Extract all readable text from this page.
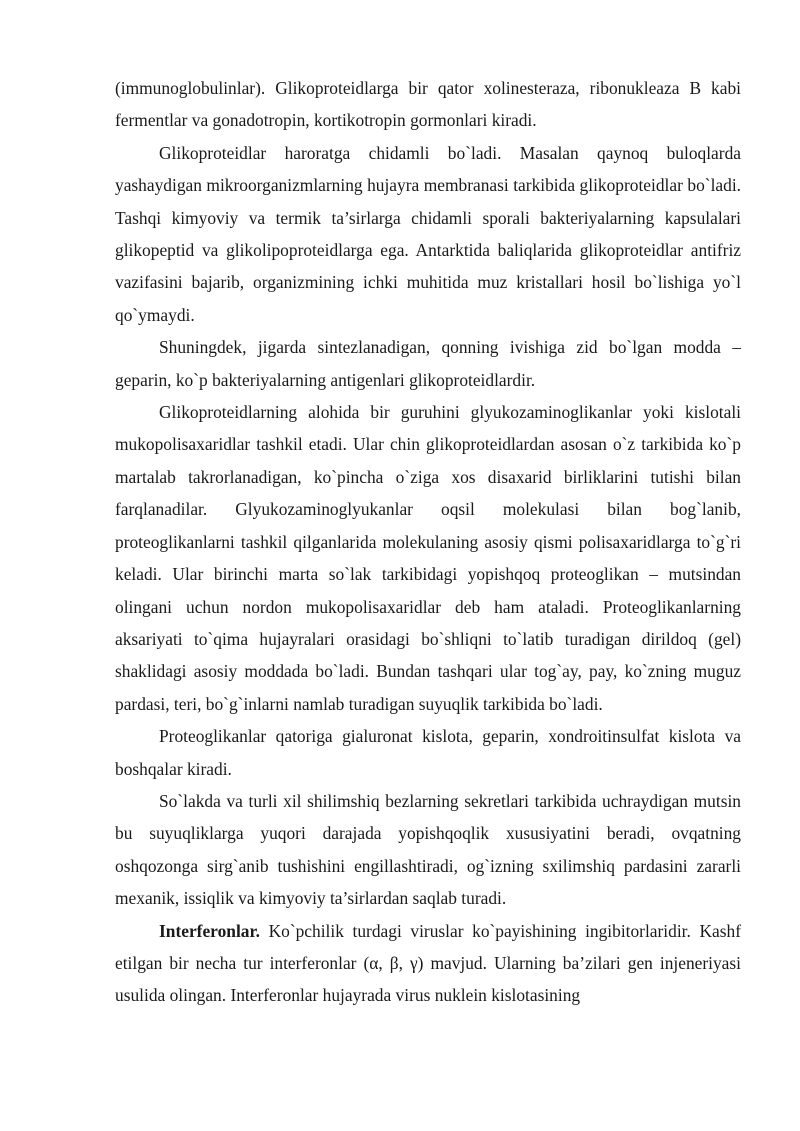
(immunoglobulinlar). Glikoproteidlarga bir qator xolinesteraza, ribonukleaza B kabi fermentlar va gonadotropin, kortikotropin gormonlari kiradi.

Glikoproteidlar haroratga chidamli bo`ladi. Masalan qaynoq buloqlarda yashaydigan mikroorganizmlarning hujayra membranasi tarkibida glikoproteidlar bo`ladi. Tashqi kimyoviy va termik ta’sirlarga chidamli sporali bakteriyalarning kapsulalari glikopeptid va glikolipoproteidlarga ega. Antarktida baliqlarida glikoproteidlar antifriz vazifasini bajarib, organizmining ichki muhitida muz kristallari hosil bo`lishiga yo`l qo`ymaydi.

Shuningdek, jigarda sintezlanadigan, qonning ivishiga zid bo`lgan modda – geparin, ko`p bakteriyalarning antigenlari glikoproteidlardir.

Glikoproteidlarning alohida bir guruhini glyukozaminoglikanlar yoki kislotali mukopolisaxaridlar tashkil etadi. Ular chin glikoproteidlardan asosan o`z tarkibida ko`p martalab takrorlanadigan, ko`pincha o`ziga xos disaxarid birliklarini tutishi bilan farqlanadilar. Glyukozaminoglyukanlar oqsil molekulasi bilan bog`lanib, proteoglikanlarni tashkil qilganlarida molekulaning asosiy qismi polisaxaridlarga to`g`ri keladi. Ular birinchi marta so`lak tarkibidagi yopishqoq proteoglikan – mutsindan olingani uchun nordon mukopolisaxaridlar deb ham ataladi. Proteoglikanlarning aksariyati to`qima hujayralari orasidagi bo`shliqni to`latib turadigan dirildoq (gel) shaklidagi asosiy moddada bo`ladi. Bundan tashqari ular tog`ay, pay, ko`zning muguz pardasi, teri, bo`g`inlarni namlab turadigan suyuqlik tarkibida bo`ladi.

Proteoglikanlar qatoriga gialuronat kislota, geparin, xondroitinsulfat kislota va boshqalar kiradi.

So`lakda va turli xil shilimshiq bezlarning sekretlari tarkibida uchraydigan mutsin bu suyuqliklarga yuqori darajada yopishqoqlik xususiyatini beradi, ovqatning oshqozonga sirg`anib tushishini engillashtiradi, og`izning sxilimshiq pardasini zararli mexanik, issiqlik va kimyoviy ta’sirlardan saqlab turadi.

Interferonlar. Ko`pchilik turdagi viruslar ko`payishining ingibitorlaridir. Kashf etilgan bir necha tur interferonlar (α, β, γ) mavjud. Ularning ba’zilari gen injeneriyasi usulida olingan. Interferonlar hujayrada virus nuklein kislotasining
